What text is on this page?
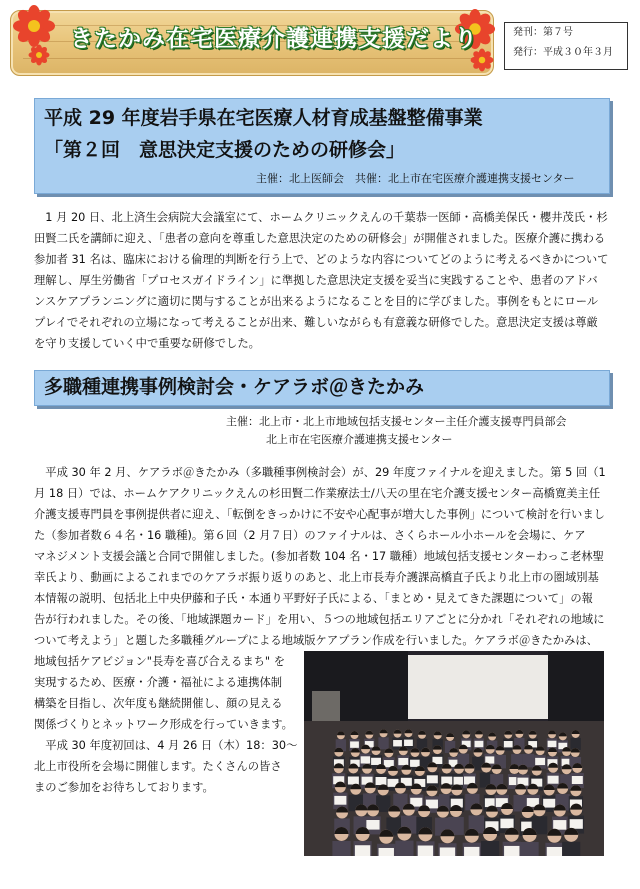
きたかみ在宅医療介護連携支援だより	発刊：第７号
発行：平成３０年３月
平成 29 年度岩手県在宅医療人材育成基盤整備事業
「第２回　意思決定支援のための研修会」
主催：北上医師会　共催：北上市在宅医療介護連携支援センター
　1 月 20 日、北上済生会病院大会議室にて、ホームクリニックえんの千葉恭一医師・高橋美保氏・櫻井茂氏・杉
田賢二氏を講師に迎え、「患者の意向を尊重した意思決定のための研修会」が開催されました。医療介護に携わる
参加者 31 名は、臨床における倫理的判断を行う上で、どのような内容についてどのように考えるべきかについて
理解し、厚生労働省「プロセスガイドライン」に準拠した意思決定支援を妥当に実践することや、患者のアドバ
ンスケアプランニングに適切に関与することが出来るようになることを目的に学びました。事例をもとにロール
プレイでそれぞれの立場になって考えることが出来、難しいながらも有意義な研修でした。意思決定支援は尊厳
を守り支援していく中で重要な研修でした。
多職種連携事例検討会・ケアラボ＠きたかみ
主催：北上市・北上市地域包括支援センター主任介護支援専門員部会
北上市在宅医療介護連携支援センター
　平成 30 年 2 月、ケアラボ＠きたかみ（多職種事例検討会）が、29 年度ファイナルを迎えました。第 5 回（1
月 18 日）では、ホームケアクリニックえんの杉田賢二作業療法士/八天の里在宅介護支援センター高橋寛美主任
介護支援専門員を事例提供者に迎え、「転倒をきっかけに不安や心配事が増大した事例」について検討を行いまし
た（参加者数６４名・16 職種)。第６回（2 月７日）のファイナルは、さくらホール小ホールを会場に、ケア
マネジメント支援会議と合同で開催しました。(参加者数 104 名・17 職種）地域包括支援センターわっこ老林聖
幸氏より、動画によるこれまでのケアラボ振り返りのあと、北上市長寿介護課高橋直子氏より北上市の圏域別基
本情報の説明、包括北上中央伊藤和子氏・本通り平野好子氏による、「まとめ・見えてきた課題について」の報
告が行われました。その後、「地域課題カード」を用い、５つの地域包括エリアごとに分かれ「それぞれの地域に
ついて考えよう」と題した多職種グループによる地域版ケアプラン作成を行いました。ケアラボ＠きたかみは、
地域包括ケアビジョン"長寿を喜び合えるまち" を
実現するため、医療・介護・福祉による連携体制
構築を目指し、次年度も継続開催し、顔の見える
関係づくりとネットワーク形成を行っていきます。
　平成 30 年度初回は、4 月 26 日（木）18：30～
北上市役所を会場に開催します。たくさんの皆さ
まのご参加をお待ちしております。
